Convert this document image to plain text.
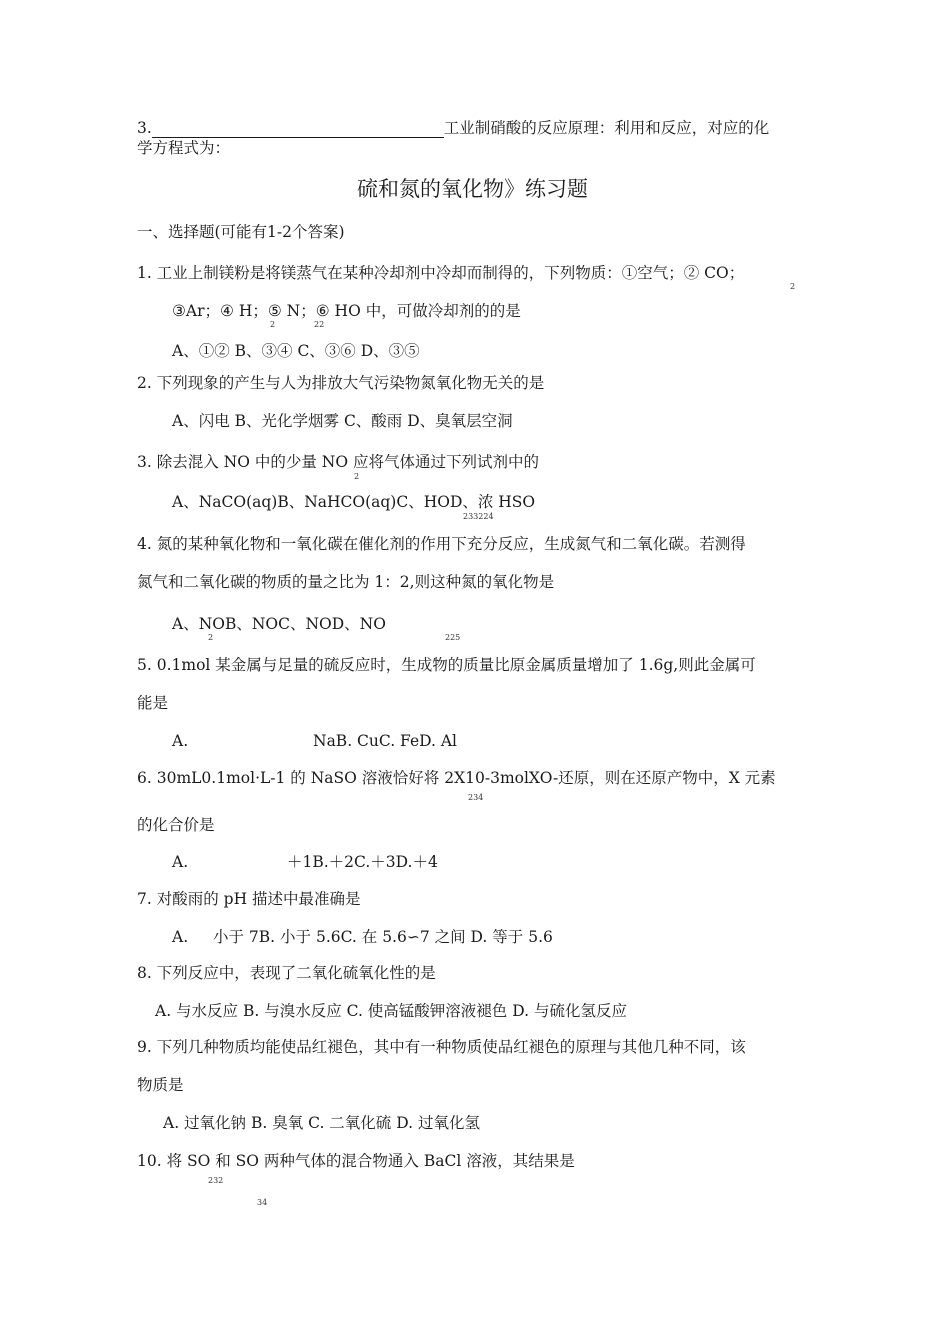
3.	工业制硝酸的反应原理：利用和反应，对应的化
学方程式为：
硫和氮的氧化物》练习题
一、选择题(可能有1-2个答案)
1. 工业上制镁粉是将镁蒸气在某种冷却剂中冷却而制得的，下列物质：①空气；② CO；
2
③Ar；④ H；⑤ N；⑥ HO 中，可做冷却剂的的是
2	22
A、①② B、③④ C、③⑥ D、③⑤
2. 下列现象的产生与人为排放大气污染物氮氧化物无关的是
A、闪电 B、光化学烟雾 C、酸雨 D、臭氧层空洞
3. 除去混入 NO 中的少量 NO 应将气体通过下列试剂中的
2
A、NaCO(aq)B、NaHCO(aq)C、HOD、浓 HSO
233224
4. 氮的某种氧化物和一氧化碳在催化剂的作用下充分反应，生成氮气和二氧化碳。若测得
氮气和二氧化碳的物质的量之比为 1：2,则这种氮的氧化物是
A、NOB、NOC、NOD、NO
2	225
5. 0.1mol 某金属与足量的硫反应时，生成物的质量比原金属质量增加了 1.6g,则此金属可
能是
A.	NaB. CuC. FeD. Al
6. 30mL0.1mol·L-1 的 NaSO 溶液恰好将 2X10-3molXO-还原，则在还原产物中，X 元素
234
的化合价是
A.	＋1B.＋2C.＋3D.＋4
7. 对酸雨的 pH 描述中最准确是
A. 小于 7B. 小于 5.6C. 在 5.6∽7 之间 D. 等于 5.6
8. 下列反应中，表现了二氧化硫氧化性的是
A. 与水反应 B. 与溴水反应 C. 使高锰酸钾溶液褪色 D. 与硫化氢反应
9. 下列几种物质均能使品红褪色，其中有一种物质使品红褪色的原理与其他几种不同，该
物质是
A. 过氧化钠 B. 臭氧 C. 二氧化硫 D. 过氧化氢
10. 将 SO 和 SO 两种气体的混合物通入 BaCl 溶液，其结果是
232
34
